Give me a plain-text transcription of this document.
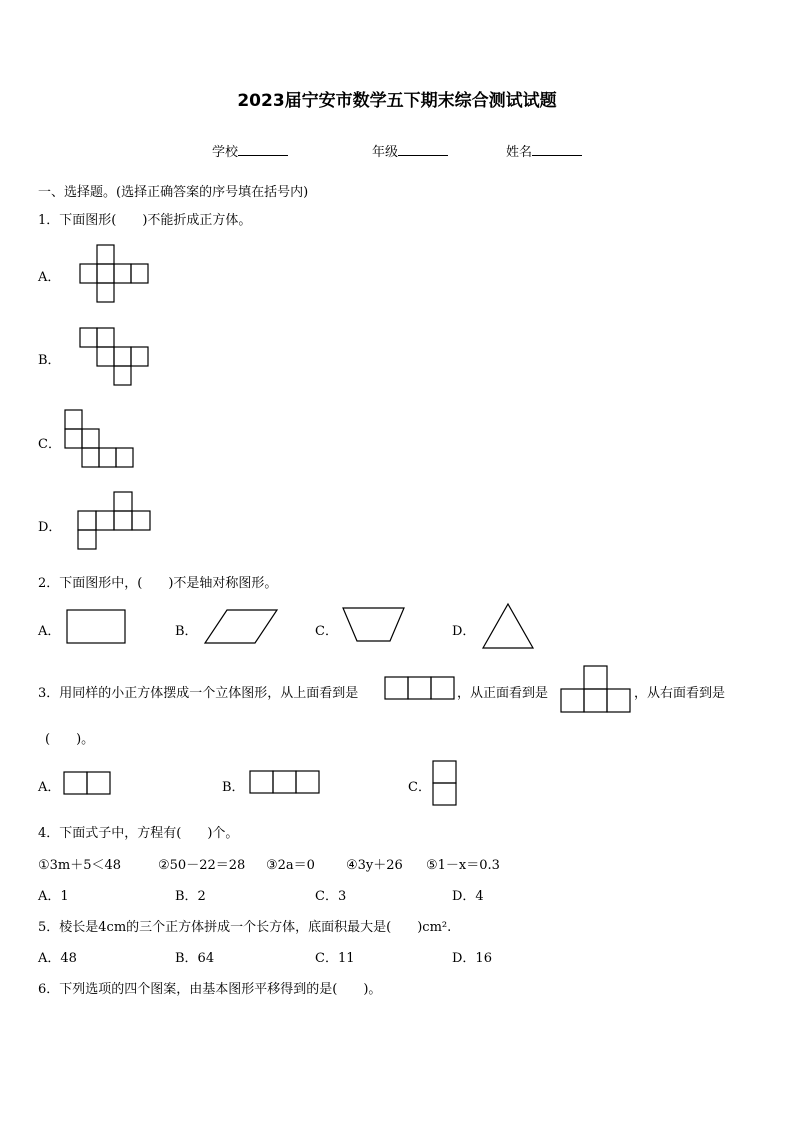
2023届宁安市数学五下期末综合测试试题
学校	年级	姓名
一、选择题。(选择正确答案的序号填在括号内)
1．下面图形(　　)不能折成正方体。
A．
B．
C．
D．
2．下面图形中，(　　)不是轴对称图形。
A．	B．	C．	D．
3．用同样的小正方体摆成一个立体图形，从上面看到是	，从正面看到是	，从右面看到是
(　　)。
A．	B．	C．
4．下面式子中，方程有(　　)个。
①3m＋5＜48	②50－22＝28 ③2a＝0 ④3y＋26 ⑤1－x＝0.3
A．1	B．2	C．3	D．4
5．棱长是4cm的三个正方体拼成一个长方体，底面积最大是(　　)cm².
A．48	B．64	C．11	D．16
6．下列选项的四个图案，由基本图形平移得到的是(　　)。
